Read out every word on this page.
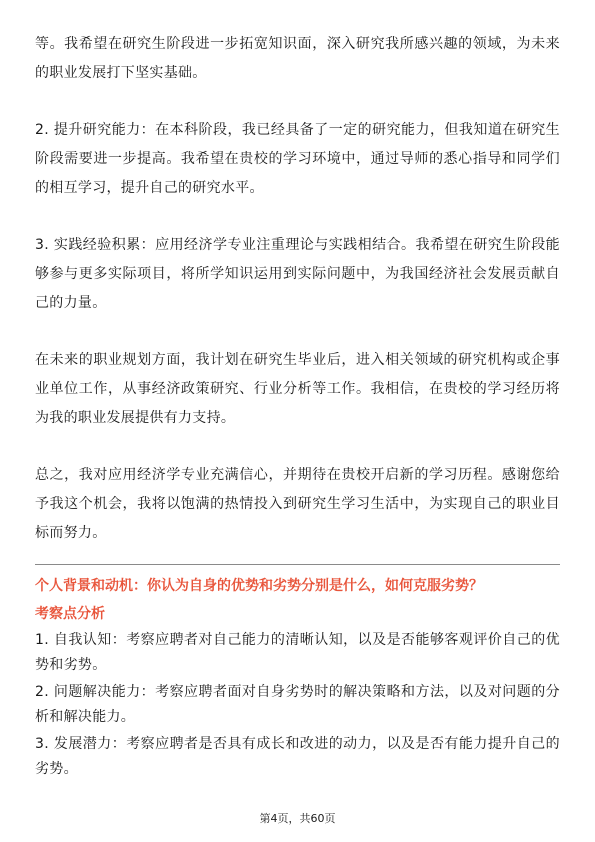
等。我希望在研究生阶段进一步拓宽知识面，深入研究我所感兴趣的领域，为未来的职业发展打下坚实基础。

2. 提升研究能力：在本科阶段，我已经具备了一定的研究能力，但我知道在研究生阶段需要进一步提高。我希望在贵校的学习环境中，通过导师的悉心指导和同学们的相互学习，提升自己的研究水平。

3. 实践经验积累：应用经济学专业注重理论与实践相结合。我希望在研究生阶段能够参与更多实际项目，将所学知识运用到实际问题中，为我国经济社会发展贡献自己的力量。

在未来的职业规划方面，我计划在研究生毕业后，进入相关领域的研究机构或企事业单位工作，从事经济政策研究、行业分析等工作。我相信，在贵校的学习经历将为我的职业发展提供有力支持。

总之，我对应用经济学专业充满信心，并期待在贵校开启新的学习历程。感谢您给予我这个机会，我将以饱满的热情投入到研究生学习生活中，为实现自己的职业目标而努力。

个人背景和动机：你认为自身的优势和劣势分别是什么，如何克服劣势？

考察点分析

1. 自我认知：考察应聘者对自己能力的清晰认知，以及是否能够客观评价自己的优势和劣势。

2. 问题解决能力：考察应聘者面对自身劣势时的解决策略和方法，以及对问题的分析和解决能力。

3. 发展潜力：考察应聘者是否具有成长和改进的动力，以及是否有能力提升自己的劣势。

第4页，共60页
